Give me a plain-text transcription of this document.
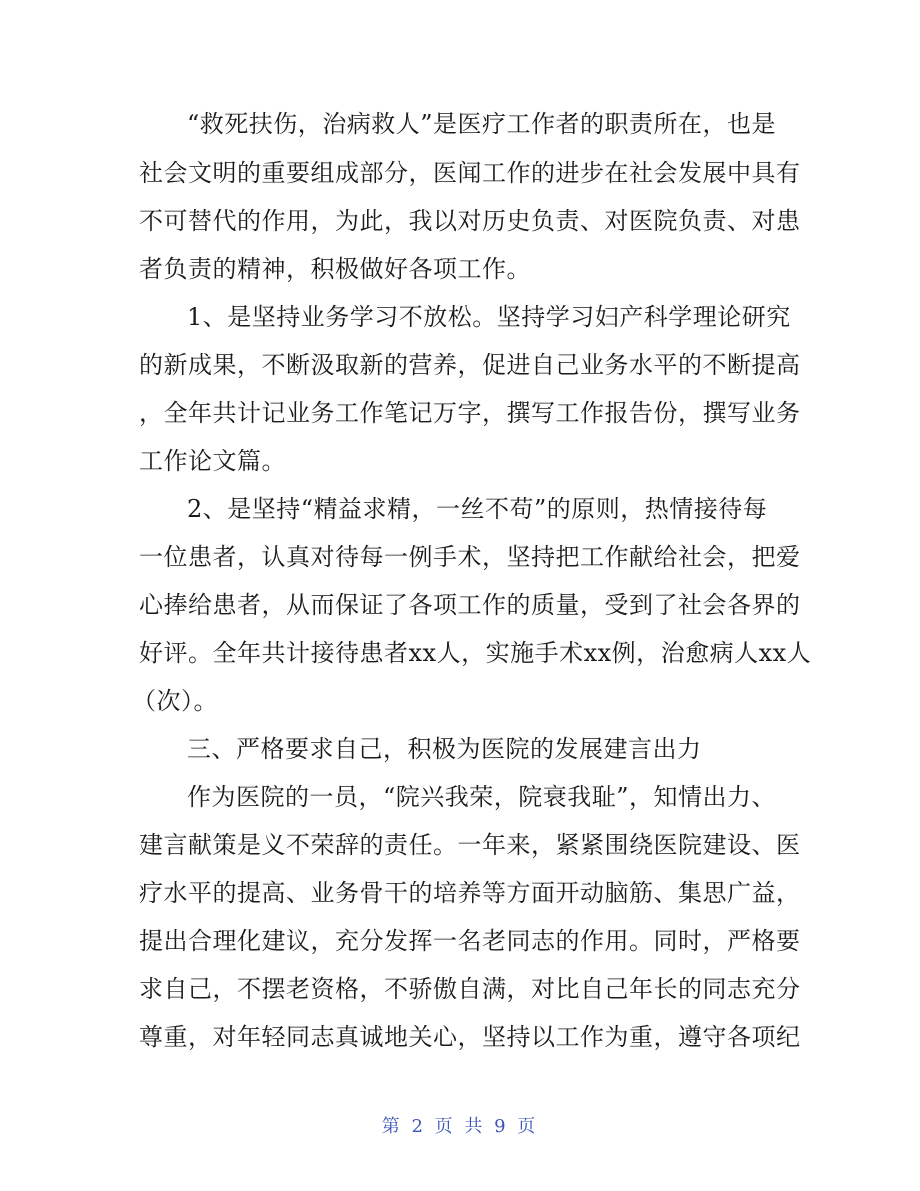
“救死扶伤，治病救人”是医疗工作者的职责所在，也是
社会文明的重要组成部分，医闻工作的进步在社会发展中具有
不可替代的作用，为此，我以对历史负责、对医院负责、对患
者负责的精神，积极做好各项工作。
1、是坚持业务学习不放松。坚持学习妇产科学理论研究
的新成果，不断汲取新的营养，促进自己业务水平的不断提高
，全年共计记业务工作笔记万字，撰写工作报告份，撰写业务
工作论文篇。
2、是坚持“精益求精，一丝不苟”的原则，热情接待每
一位患者，认真对待每一例手术，坚持把工作献给社会，把爱
心捧给患者，从而保证了各项工作的质量，受到了社会各界的
好评。全年共计接待患者xx人，实施手术xx例，治愈病人xx人
（次）。
三、严格要求自己，积极为医院的发展建言出力
作为医院的一员，“院兴我荣，院衰我耻”，知情出力、
建言献策是义不荣辞的责任。一年来，紧紧围绕医院建设、医
疗水平的提高、业务骨干的培养等方面开动脑筋、集思广益，
提出合理化建议，充分发挥一名老同志的作用。同时，严格要
求自己，不摆老资格，不骄傲自满，对比自己年长的同志充分
尊重，对年轻同志真诚地关心，坚持以工作为重，遵守各项纪
第 2 页 共 9 页
